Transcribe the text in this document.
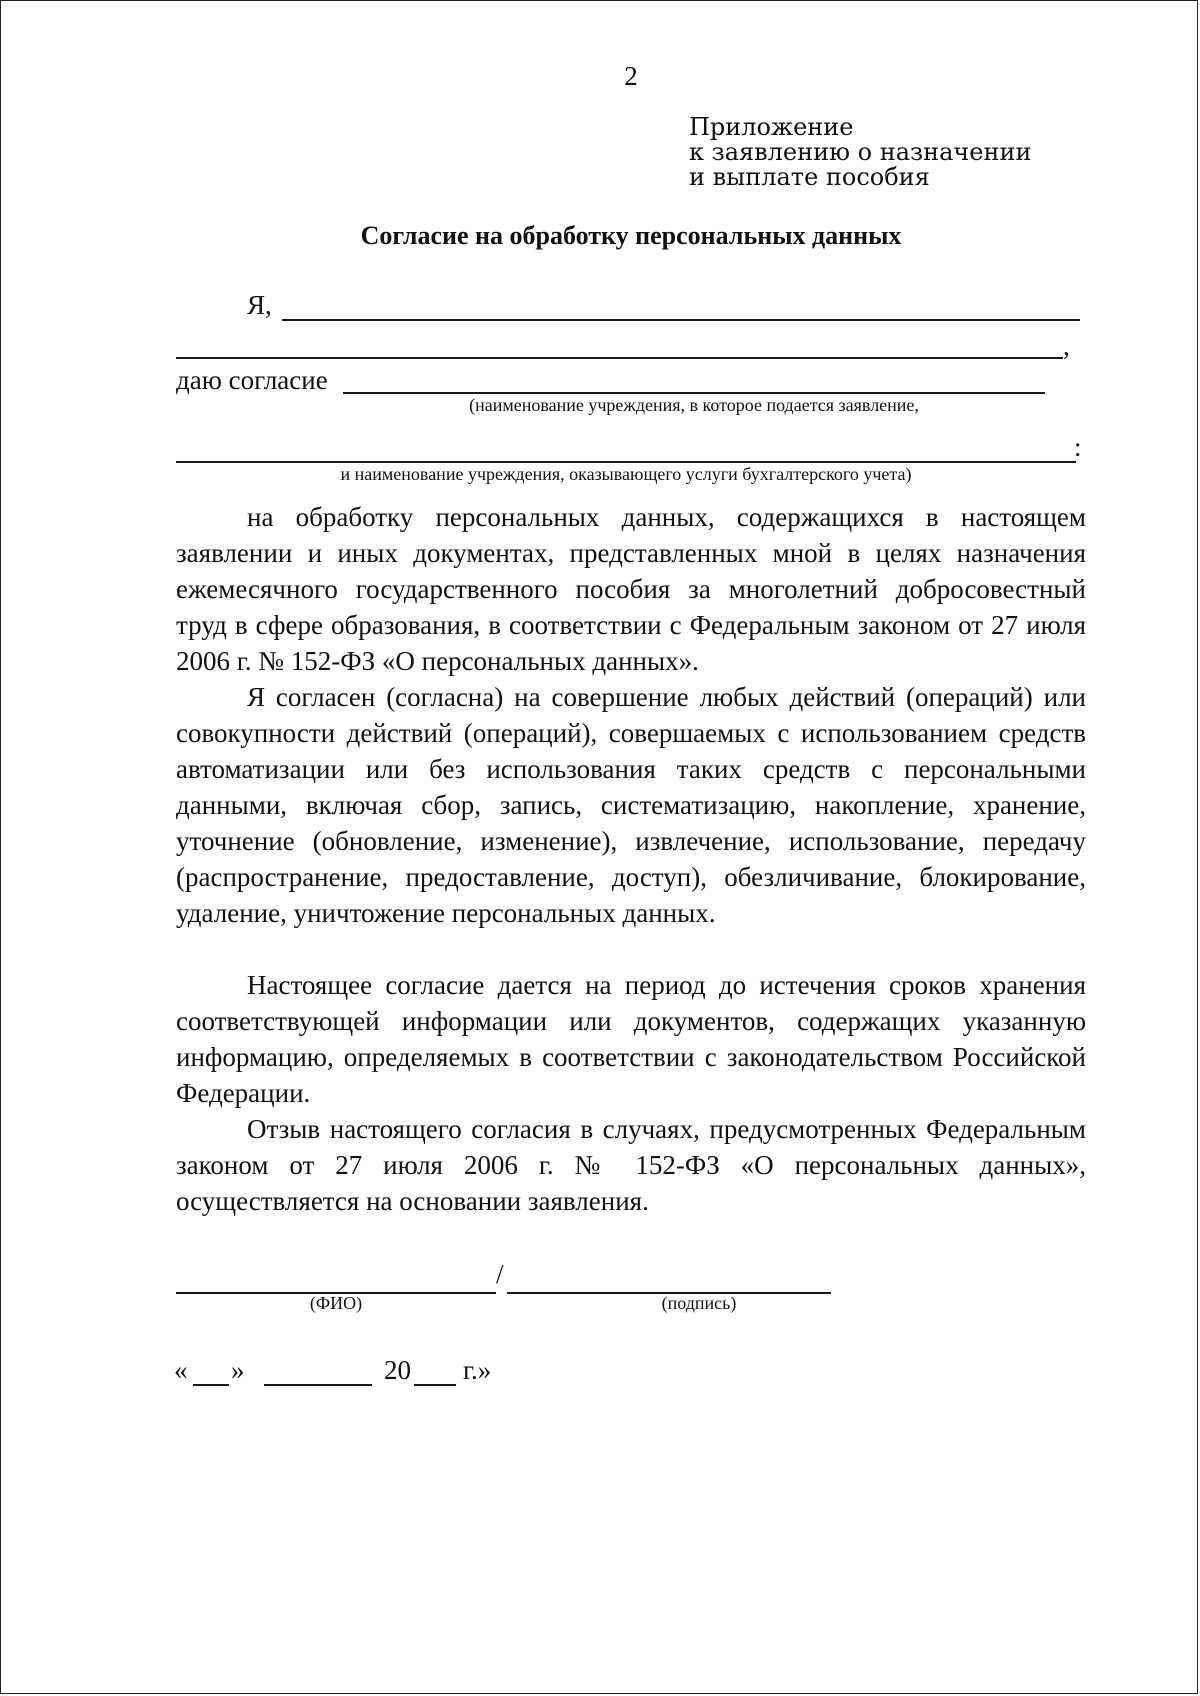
2
Приложение
к заявлению о назначении
и выплате пособия
Согласие на обработку персональных данных
Я,
,
даю согласие
(наименование учреждения, в которое подается заявление,
:
и наименование учреждения, оказывающего услуги бухгалтерского учета)
на обработку персональных данных, содержащихся в настоящем заявлении и иных документах, представленных мной в целях назначения ежемесячного государственного пособия за многолетний добросовестный труд в сфере образования, в соответствии с Федеральным законом от 27 июля 2006 г. № 152-ФЗ «О персональных данных».
Я согласен (согласна) на совершение любых действий (операций) или совокупности действий (операций), совершаемых с использованием средств автоматизации или без использования таких средств с персональными данными, включая сбор, запись, систематизацию, накопление, хранение, уточнение (обновление, изменение), извлечение, использование, передачу (распространение, предоставление, доступ), обезличивание, блокирование, удаление, уничтожение персональных данных.
Настоящее согласие дается на период до истечения сроков хранения соответствующей информации или документов, содержащих указанную информацию, определяемых в соответствии с законодательством Российской Федерации.
Отзыв настоящего согласия в случаях, предусмотренных Федеральным законом от 27 июля 2006 г. № 152-ФЗ «О персональных данных», осуществляется на основании заявления.
/
(ФИО)	(подпись)
« »	20 г.»
